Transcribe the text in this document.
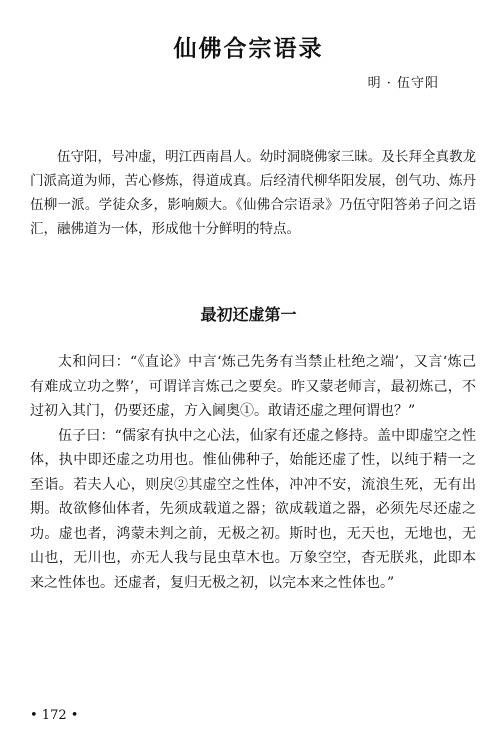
仙佛合宗语录
明 · 伍守阳

伍守阳，号冲虚，明江西南昌人。幼时洞晓佛家三昧。及长拜全真教龙门派高道为师，苦心修炼，得道成真。后经清代柳华阳发展，创气功、炼丹伍柳一派。学徒众多，影响颇大。《仙佛合宗语录》乃伍守阳答弟子问之语汇，融佛道为一体，形成他十分鲜明的特点。

最初还虚第一

太和问曰：“《直论》中言‘炼己先务有当禁止杜绝之端’，又言‘炼己有难成立功之弊’，可谓详言炼己之要矣。昨又蒙老师言，最初炼己，不过初入其门，仍要还虚，方入阃奥①。敢请还虚之理何谓也？”

伍子曰：“儒家有执中之心法，仙家有还虚之修持。盖中即虚空之性体，执中即还虚之功用也。惟仙佛种子，始能还虚了性，以纯于精一之至诣。若夫人心，则戾②其虚空之性体，冲冲不安，流浪生死，无有出期。故欲修仙体者，先须成载道之器；欲成载道之器，必须先尽还虚之功。虚也者，鸿蒙未判之前，无极之初。斯时也，无天也，无地也，无山也，无川也，亦无人我与昆虫草木也。万象空空，杳无朕兆，此即本来之性体也。还虚者，复归无极之初，以完本来之性体也。”

• 172 •
